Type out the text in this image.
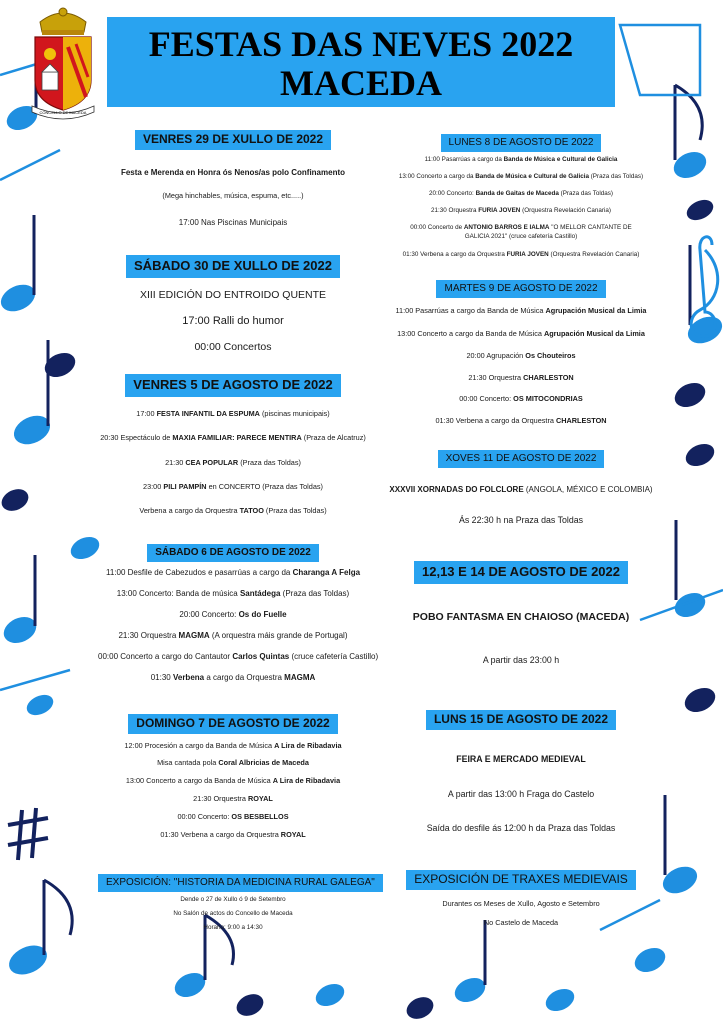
CONCELLO DE MACEDA
FESTAS DAS NEVES 2022
MACEDA
VENRES 29 DE XULLO DE 2022
Festa e Merenda en Honra ós Nenos/as polo Confinamento
(Mega hinchables, música, espuma, etc.....)
17:00 Nas Piscinas Municipais
SÁBADO 30 DE XULLO DE 2022
XIII EDICIÓN DO ENTROIDO QUENTE
17:00 Ralli do humor
00:00 Concertos
VENRES 5 DE AGOSTO DE 2022
17:00 FESTA INFANTIL DA ESPUMA (piscinas municipais)
20:30 Espectáculo de MAXIA FAMILIAR: PARECE MENTIRA (Praza de Alcatruz)
21:30 CEA POPULAR (Praza das Toldas)
23:00 PILI PAMPÍN en CONCERTO (Praza das Toldas)
Verbena a cargo da Orquestra TATOO (Praza das Toldas)
SÁBADO 6 DE AGOSTO DE 2022
11:00 Desfile de Cabezudos e pasarrúas a cargo da Charanga A Felga
13:00 Concerto: Banda de música Santádega (Praza das Toldas)
20:00 Concerto: Os do Fuelle
21:30 Orquestra MAGMA (A orquestra máis grande de Portugal)
00:00 Concerto a cargo do Cantautor Carlos Quintas (cruce cafetería Castillo)
01:30 Verbena a cargo da Orquestra MAGMA
DOMINGO 7 DE AGOSTO DE 2022
12:00 Procesión a cargo da Banda de Música A Lira de Ribadavia
Misa cantada pola Coral Albricias de Maceda
13:00 Concerto a cargo da Banda de Música A Lira de Ribadavia
21:30 Orquestra ROYAL
00:00 Concerto: OS BESBELLOS
01:30 Verbena a cargo da Orquestra ROYAL
EXPOSICIÓN: "HISTORIA DA MEDICINA RURAL GALEGA"
Dende o 27 de Xullo ó 9 de Setembro
No Salón de actos do Concello de Maceda
Horario: 9:00 a 14:30
LUNES 8 DE AGOSTO DE 2022
11:00 Pasarrúas a cargo da Banda de Música e Cultural de Galicia
13:00 Concerto a cargo da Banda de Música e Cultural de Galicia (Praza das Toldas)
20:00 Concerto: Banda de Gaitas de Maceda (Praza das Toldas)
21:30 Orquestra FURIA JOVEN (Orquestra Revelación Canaria)
00:00 Concerto de ANTONIO BARROS E IALMA "O MELLOR CANTANTE DE
GALICIA 2021" (cruce cafetería Castillo)
01:30 Verbena a cargo da Orquestra FURIA JOVEN (Orquestra Revelación Canaria)
MARTES 9 DE AGOSTO DE 2022
11:00 Pasarrúas a cargo da Banda de Música Agrupación Musical da Limia
13:00 Concerto a cargo da Banda de Música Agrupación Musical da Limia
20:00 Agrupación Os Chouteiros
21:30 Orquestra CHARLESTON
00:00 Concerto: OS MITOCONDRIAS
01:30 Verbena a cargo da Orquestra CHARLESTON
XOVES 11 DE AGOSTO DE 2022
XXXVII XORNADAS DO FOLCLORE (ANGOLA, MÉXICO E COLOMBIA)
Ás 22:30 h na Praza das Toldas
12,13 E 14 DE AGOSTO DE 2022
POBO FANTASMA EN CHAIOSO (MACEDA)
A partir das 23:00 h
LUNS 15 DE AGOSTO DE 2022
FEIRA E MERCADO MEDIEVAL
A partir das 13:00 h Fraga do Castelo
Saída do desfile ás 12:00 h da Praza das Toldas
EXPOSICIÓN DE TRAXES MEDIEVAIS
Durantes os Meses de Xullo, Agosto e Setembro
No Castelo de Maceda
